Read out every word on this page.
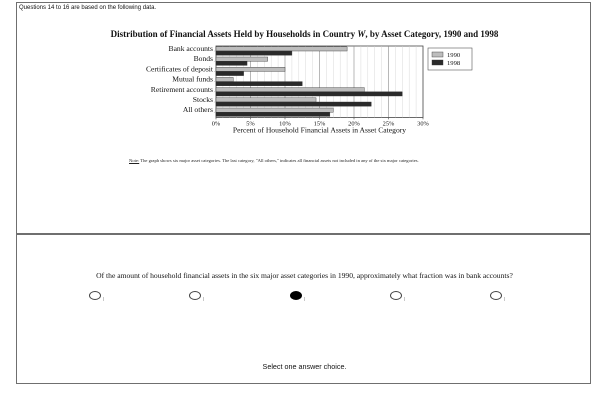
Questions 14 to 16 are based on the following data.
Distribution of Financial Assets Held by Households in Country W, by Asset Category, 1990 and 1998
Bank accounts
Bonds
Certificates of deposit
Mutual funds
Retirement accounts
Stocks
All others
0%	5%	10%	15%	20%	25%	30%
Percent of Household Financial Assets in Asset Category
1990
1998
Note: The graph shows six major asset categories. The last category, "All others," indicates all financial assets not included in any of the six major categories.
Of the amount of household financial assets in the six major asset categories in 1990, approximately what fraction was in bank accounts?
Select one answer choice.
